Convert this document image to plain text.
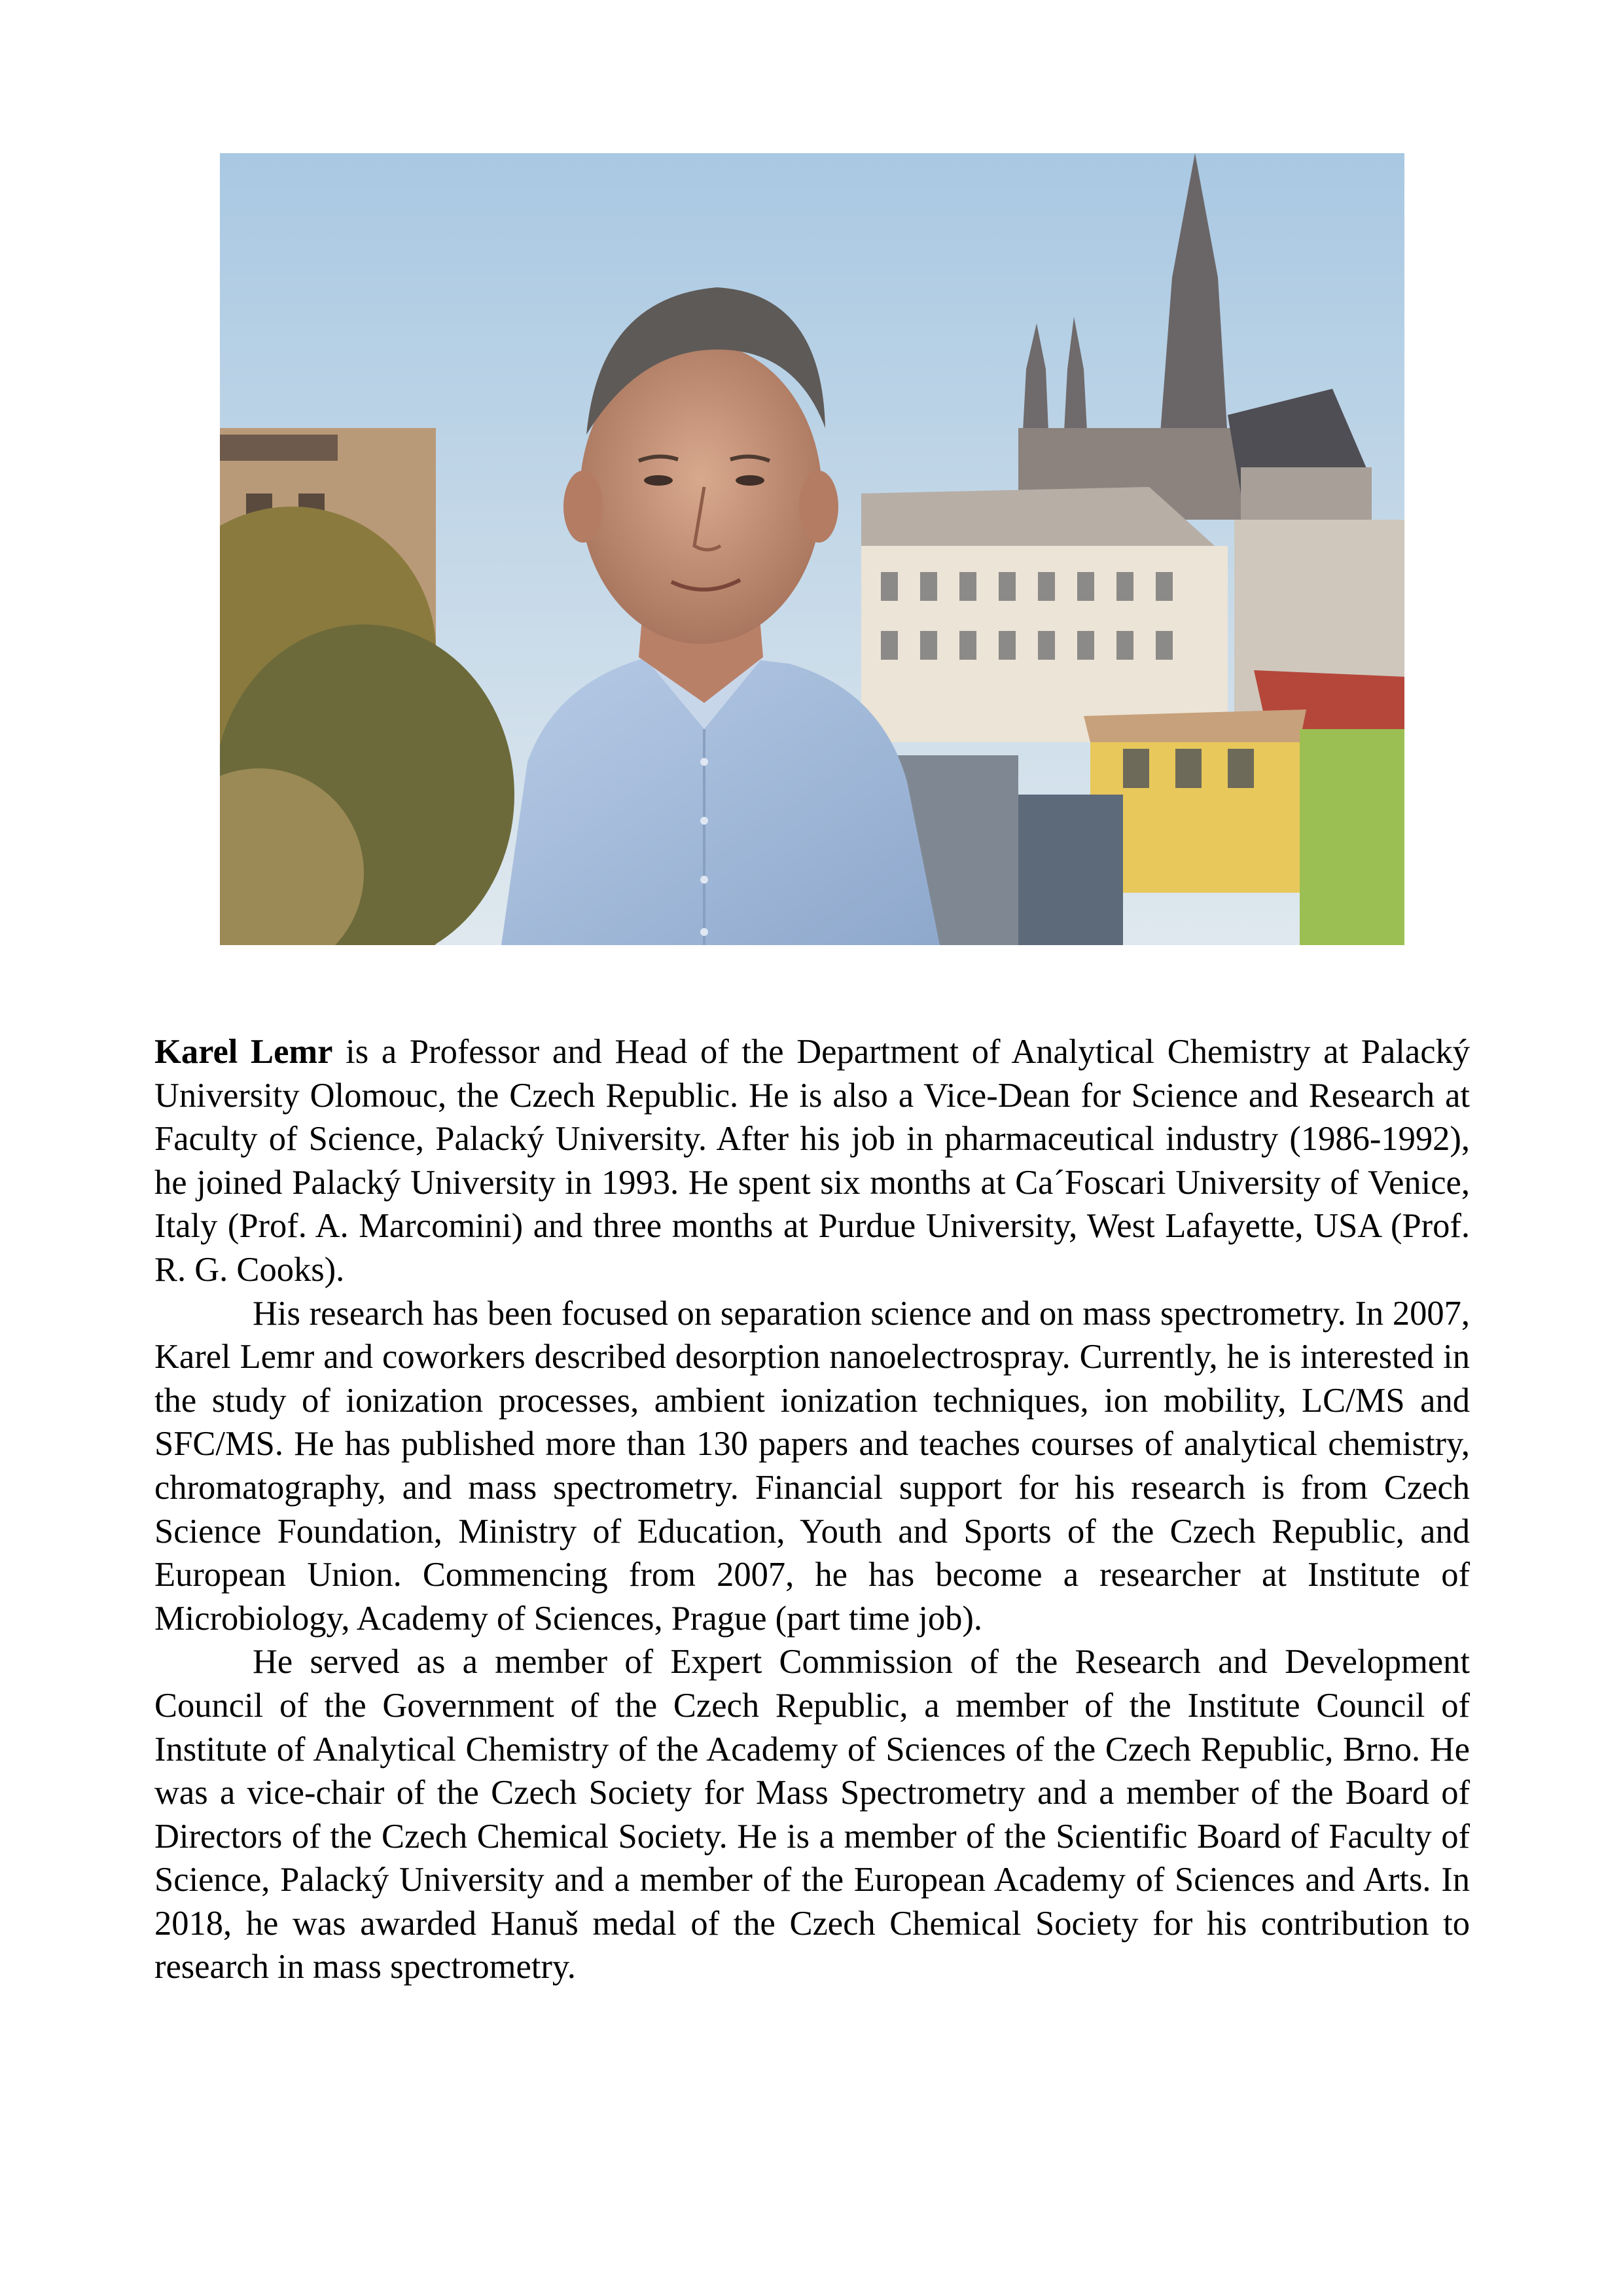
Karel Lemr is a Professor and Head of the Department of Analytical Chemistry at Palacký University Olomouc, the Czech Republic. He is also a Vice-Dean for Science and Research at Faculty of Science, Palacký University. After his job in pharmaceutical industry (1986-1992), he joined Palacký University in 1993. He spent six months at Ca´Foscari University of Venice, Italy (Prof. A. Marcomini) and three months at Purdue University, West Lafayette, USA (Prof. R. G. Cooks).

His research has been focused on separation science and on mass spectrometry. In 2007, Karel Lemr and coworkers described desorption nanoelectrospray. Currently, he is interested in the study of ionization processes, ambient ionization techniques, ion mobility, LC/MS and SFC/MS. He has published more than 130 papers and teaches courses of analytical chemistry, chromatography, and mass spectrometry. Financial support for his research is from Czech Science Foundation, Ministry of Education, Youth and Sports of the Czech Republic, and European Union. Commencing from 2007, he has become a researcher at Institute of Microbiology, Academy of Sciences, Prague (part time job).

He served as a member of Expert Commission of the Research and Development Council of the Government of the Czech Republic, a member of the Institute Council of Institute of Analytical Chemistry of the Academy of Sciences of the Czech Republic, Brno. He was a vice-chair of the Czech Society for Mass Spectrometry and a member of the Board of Directors of the Czech Chemical Society. He is a member of the Scientific Board of Faculty of Science, Palacký University and a member of the European Academy of Sciences and Arts. In 2018, he was awarded Hanuš medal of the Czech Chemical Society for his contribution to research in mass spectrometry.
